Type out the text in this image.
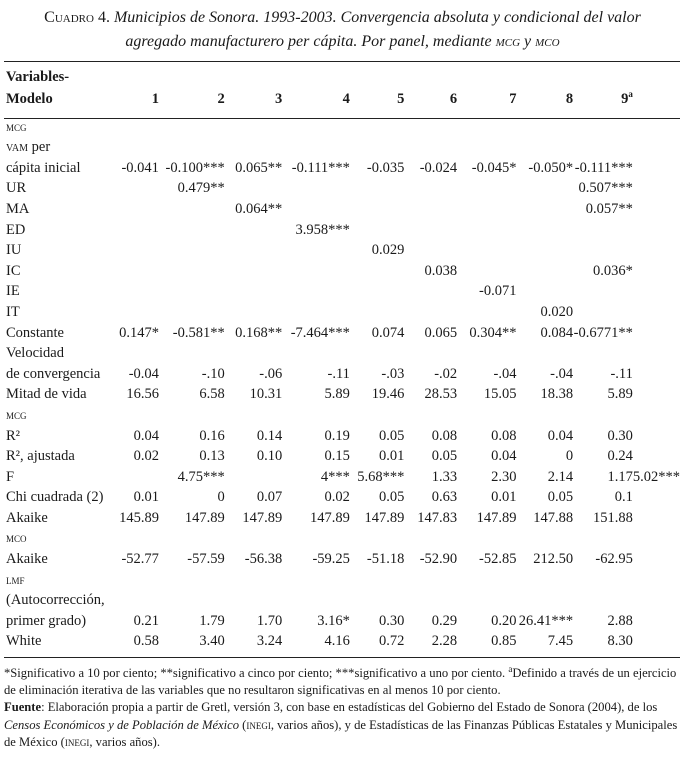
Cuadro 4. Municipios de Sonora. 1993-2003. Convergencia absoluta y condicional del valor
agregado manufacturero per cápita. Por panel, mediante mcg y mco
Variables-
Modelo	1	2	3	4	5	6	7	8	9$^a$
mcg										
vam per										
cápita inicial	-0.041	-0.100***	0.065**	-0.111***	-0.035	-0.024	-0.045*	-0.050*	-0.111***	
UR		0.479**							0.507***	
MA			0.064**						0.057**	
ED				3.958***						
IU					0.029					
IC						0.038			0.036*	
IE							-0.071			
IT								0.020		
Constante	0.147*	-0.581**	0.168**	-7.464***	0.074	0.065	0.304**	0.084	-0.6771**	
Velocidad										
de convergencia	-0.04	-.10	-.06	-.11	-.03	-.02	-.04	-.04	-.11	
Mitad de vida	16.56	6.58	10.31	5.89	19.46	28.53	15.05	18.38	5.89	
mcg										
R²	0.04	0.16	0.14	0.19	0.05	0.08	0.08	0.04	0.30	
R², ajustada	0.02	0.13	0.10	0.15	0.01	0.05	0.04	0	0.24	
F		4.75***		4***	5.68***	1.33	2.30	2.14	1.17	5.02***
Chi cuadrada (2)	0.01	0	0.07	0.02	0.05	0.63	0.01	0.05	0.1	
Akaike	145.89	147.89	147.89	147.89	147.89	147.83	147.89	147.88	151.88	
mco										
Akaike	-52.77	-57.59	-56.38	-59.25	-51.18	-52.90	-52.85	212.50	-62.95	
lmf										
(Autocorrección,										
primer grado)	0.21	1.79	1.70	3.16*	0.30	0.29	0.20	26.41***	2.88	
White	0.58	3.40	3.24	4.16	0.72	2.28	0.85	7.45	8.30	

*Significativo a 10 por ciento; **significativo a cinco por ciento; ***significativo a uno por ciento. $^a$Definido a través de un ejercicio de eliminación iterativa de las variables que no resultaron significativas en al menos 10 por ciento.

Fuente: Elaboración propia a partir de Gretl, versión 3, con base en estadísticas del Gobierno del Estado de Sonora (2004), de los Censos Económicos y de Población de México (inegi, varios años), y de Estadísticas de las Finanzas Públicas Estatales y Municipales de México (inegi, varios años).
